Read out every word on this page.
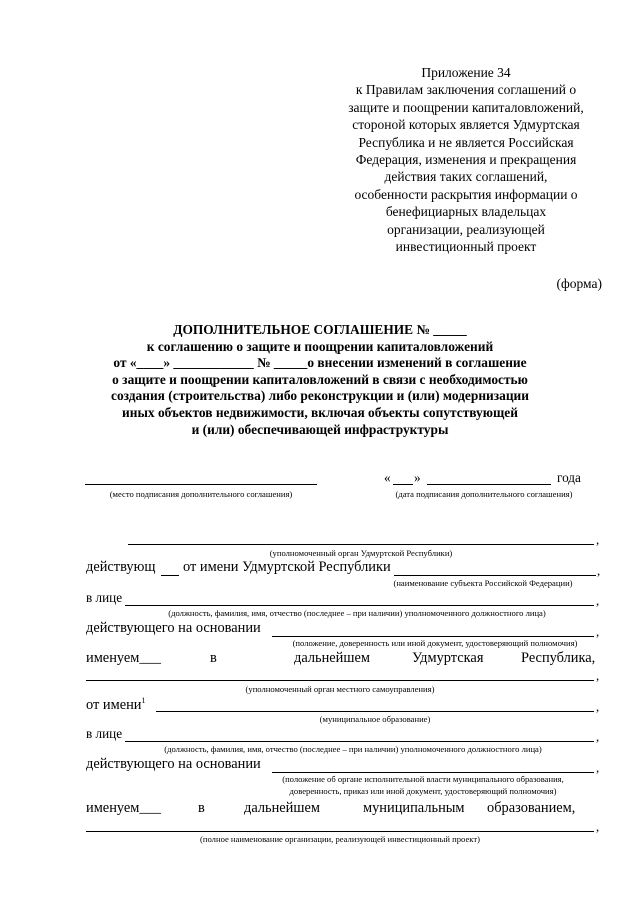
Приложение 34
к Правилам заключения соглашений о
защите и поощрении капиталовложений,
стороной которых является Удмуртская
Республика и не является Российская
Федерация, изменения и прекращения
действия таких соглашений,
особенности раскрытия информации о
бенефициарных владельцах
организации, реализующей
инвестиционный проект
(форма)
ДОПОЛНИТЕЛЬНОЕ СОГЛАШЕНИЕ № _____
к соглашению о защите и поощрении капиталовложений
от «____» ____________ № _____о внесении изменений в соглашение
о защите и поощрении капиталовложений в связи с необходимостью
создания (строительства) либо реконструкции и (или) модернизации
иных объектов недвижимости, включая объекты сопутствующей
и (или) обеспечивающей инфраструктуры
(место подписания дополнительного соглашения)
« »	года
(дата подписания дополнительного соглашения)
,
(уполномоченный орган Удмуртской Республики)
действующ от имени Удмуртской Республики	,
(наименование субъекта Российской Федерации)
в лице	,
(должность, фамилия, имя, отчество (последнее – при наличии) уполномоченного должностного лица)
действующего на основании	,
(положение, доверенность или иной документ, удостоверяющий полномочия)
именуем___	в	дальнейшем	Удмуртская	Республика,
,
(уполномоченный орган местного самоуправления)
от имени$^1$	,
(муниципальное образование)
в лице	,
(должность, фамилия, имя, отчество (последнее – при наличии) уполномоченного должностного лица)
действующего на основании	,
(положение об органе исполнительной власти муниципального образования,
доверенность, приказ или иной документ, удостоверяющий полномочия)
именуем___	в	дальнейшем	муниципальным образованием,
,
(полное наименование организации, реализующей инвестиционный проект)
